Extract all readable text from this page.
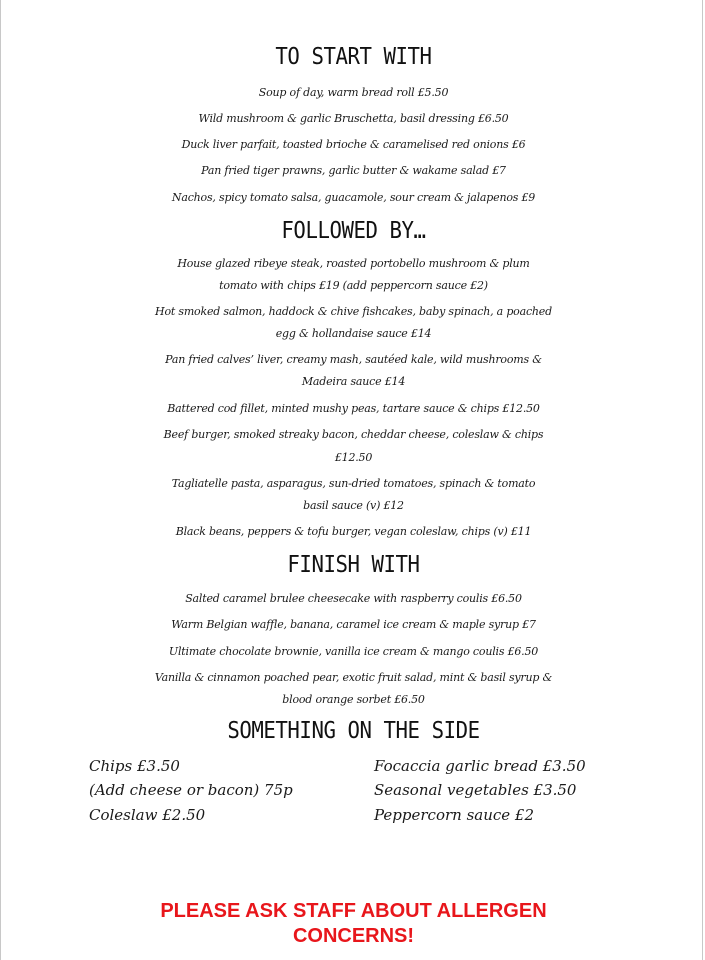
TO START WITH
Soup of day, warm bread roll £5.50
Wild mushroom & garlic Bruschetta, basil dressing £6.50
Duck liver parfait, toasted brioche & caramelised red onions £6
Pan fried tiger prawns, garlic butter & wakame salad £7
Nachos, spicy tomato salsa, guacamole, sour cream & jalapenos £9
FOLLOWED BY…
House glazed ribeye steak, roasted portobello mushroom & plum
tomato with chips £19 (add peppercorn sauce £2)
Hot smoked salmon, haddock & chive fishcakes, baby spinach, a poached
egg & hollandaise sauce £14
Pan fried calves’ liver, creamy mash, sautéed kale, wild mushrooms &
Madeira sauce £14
Battered cod fillet, minted mushy peas, tartare sauce & chips £12.50
Beef burger, smoked streaky bacon, cheddar cheese, coleslaw & chips
£12.50
Tagliatelle pasta, asparagus, sun-dried tomatoes, spinach & tomato
basil sauce (v) £12
Black beans, peppers & tofu burger, vegan coleslaw, chips (v) £11
FINISH WITH
Salted caramel brulee cheesecake with raspberry coulis £6.50
Warm Belgian waffle, banana, caramel ice cream & maple syrup £7
Ultimate chocolate brownie, vanilla ice cream & mango coulis £6.50
Vanilla & cinnamon poached pear, exotic fruit salad, mint & basil syrup &
blood orange sorbet £6.50
SOMETHING ON THE SIDE
Chips £3.50
(Add cheese or bacon) 75p
Coleslaw £2.50
Focaccia garlic bread £3.50
Seasonal vegetables £3.50
Peppercorn sauce £2
PLEASE ASK STAFF ABOUT ALLERGEN
CONCERNS!
